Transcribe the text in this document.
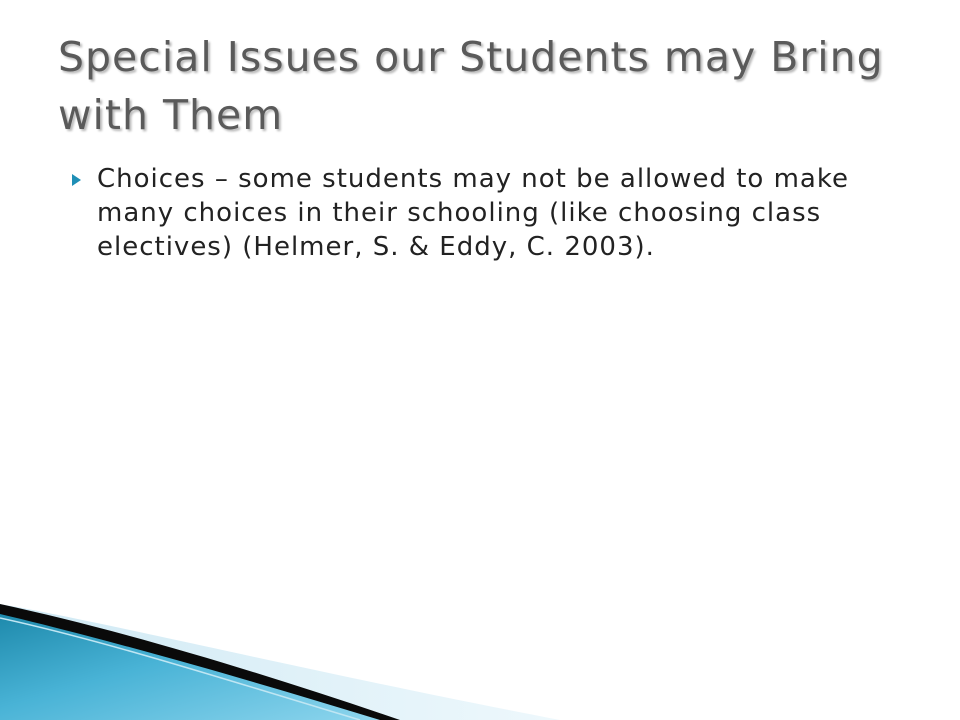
Special Issues our Students may Bring with Them
Choices – some students may not be allowed to make many choices in their schooling (like choosing class electives) (Helmer, S. & Eddy, C. 2003).
